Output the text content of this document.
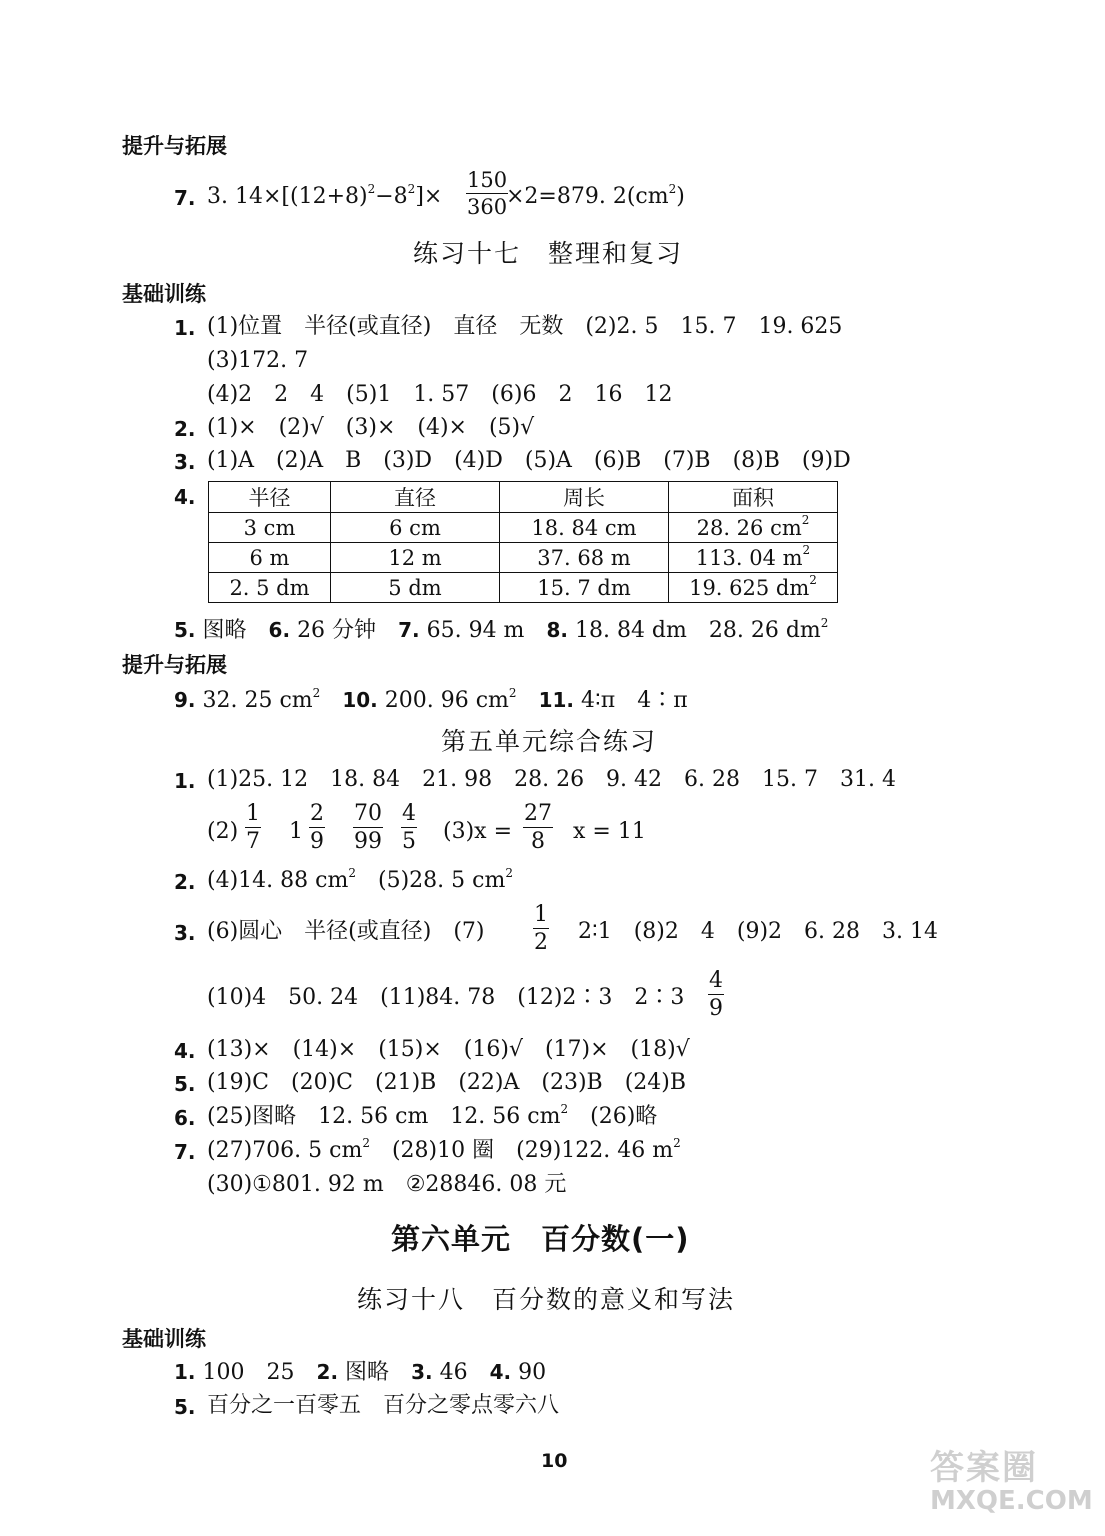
提升与拓展
7. 3. $14\times[(12+8)^2-8^2]\times$
150
360
×2=879. $2(cm^2)$
练习十七　整理和复习
基础训练
1. (1)位置　半径(或直径)　直径　无数　(2)2. 5　15. 7　19. 625
(3)172. 7
(4)2　2　4　(5)1　1. 57　(6)6　2　16　12
2. (1)×　(2)√　(3)×　(4)×　(5)√
3. (1)A　(2)A　B　(3)D　(4)D　(5)A　(6)B　(7)B　(8)B　(9)D
4.	半径	直径	周长	面积
3 cm	6 cm	18. 84 cm	28. 26 $cm^2$
6 m	12 m	37. 68 m	113. 04 $m^2$
2. 5 dm	5 dm	15. 7 dm	19. 625 $dm^2$
5. 图略　 6. 26 分钟　 7. 65. 94 m　 8. 18. 84 dm　28. 26 $dm^2$
提升与拓展
9. 32. 25 $cm^2$　 10. 200. 96 $cm^2$　 11. 4∶π　4∶π
第五单元综合练习
1. (1)25. 12　18. 84　21. 98　28. 26　9. 42　6. 28　15. 7　31. 4
(2)
1
7 1
2
9
70
99
4
5 (3)x =
27
8	x = 11
2. (4)14. 88 $cm^2$　 (5)28. 5 $cm^2$
3. (6)圆心　半径(或直径)　(7)
1
2 2∶1　(8)2　4　(9)2　6. 28　3. 14
(10)4　50. 24　(11)84. 78　(12)2∶3　2∶3
4
9
4. (13)×　(14)×　(15)×　(16)√　(17)×　(18)√
5. (19)C　(20)C　(21)B　(22)A　(23)B　(24)B
6. (25)图略　12. 56 cm　12. 56 $cm^2$　 (26)略
7. (27)706. 5 $cm^2$　 (28)10 圈　(29)122. 46 $m^2$
(30)①801. 92 m　②28846. 08 元
第六单元　百分数(一)
练习十八　百分数的意义和写法
基础训练
1. 100　25　 2. 图略　 3. 46　 4. 90
5. 百分之一百零五　百分之零点零六八
10	答案圈
MXQE.COM
